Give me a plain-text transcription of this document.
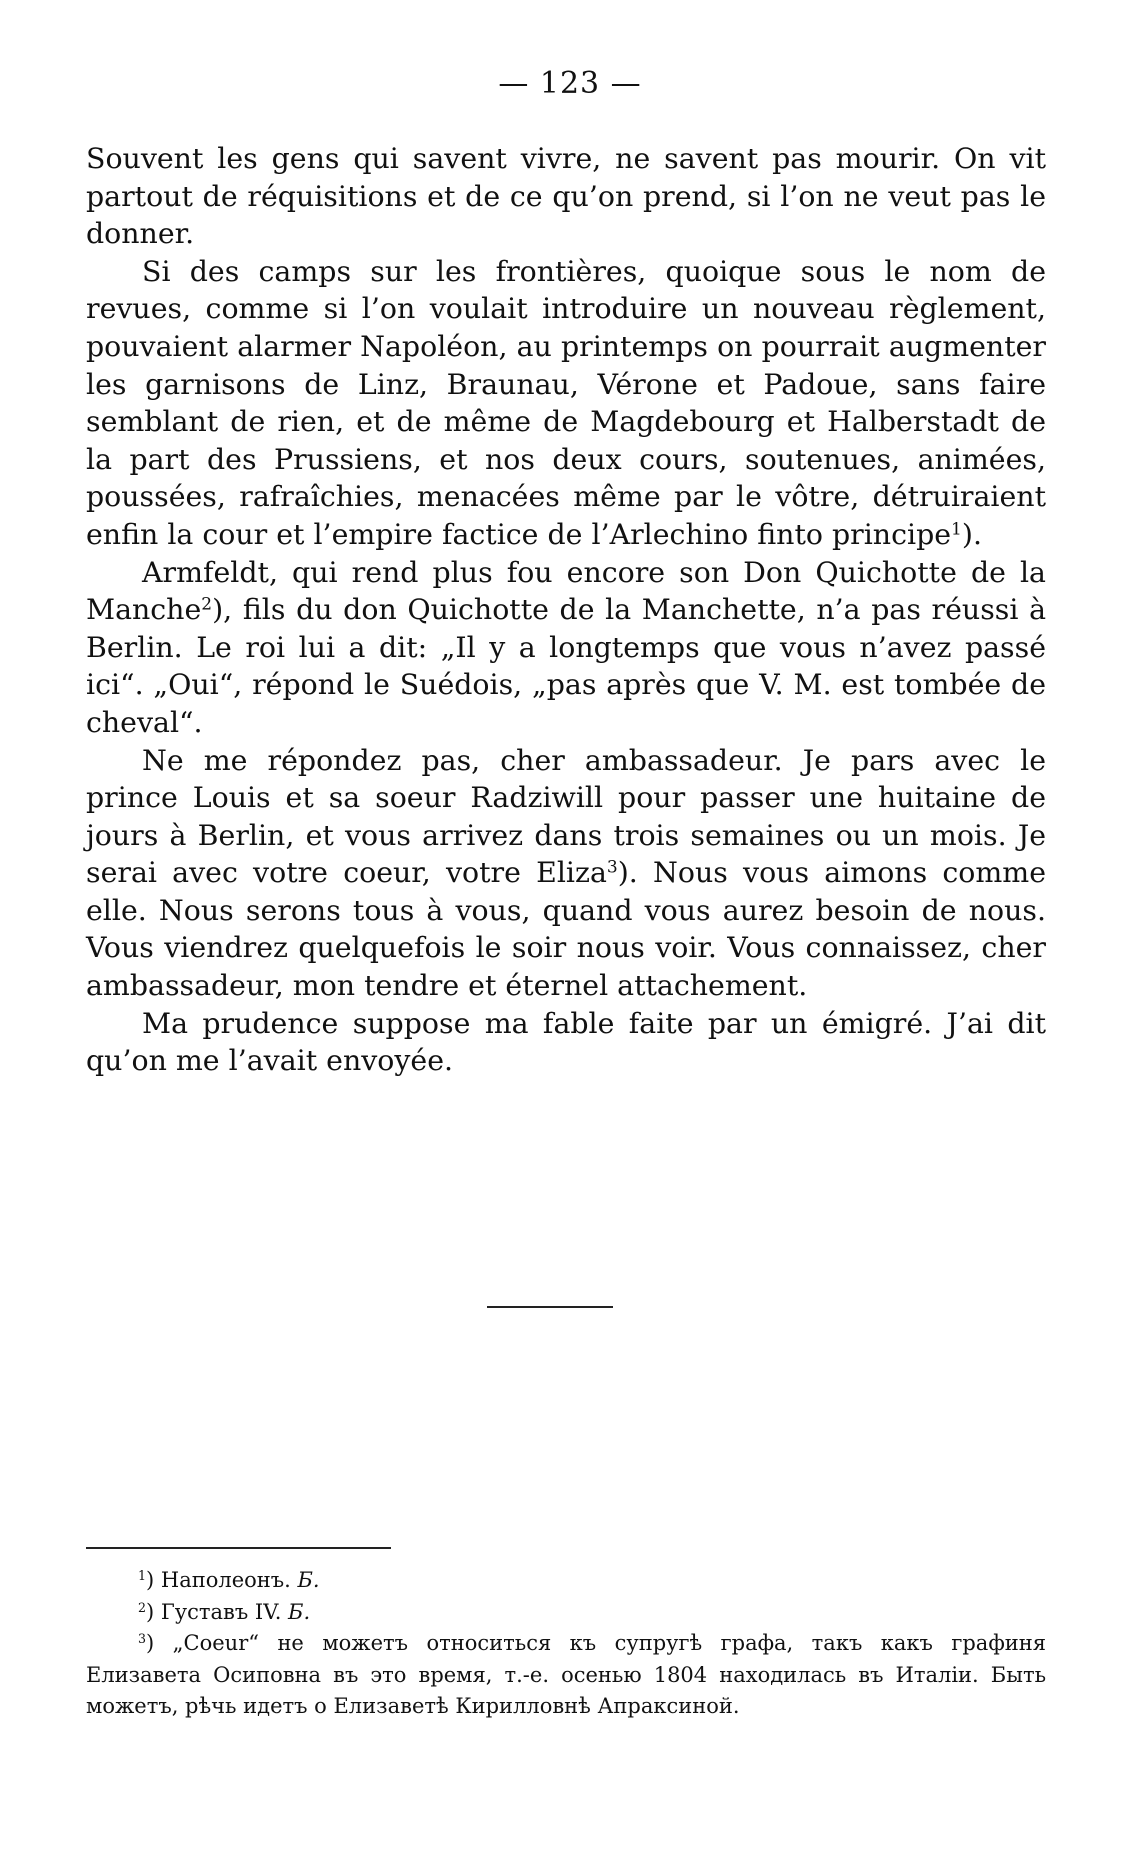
— 123 —

Souvent les gens qui savent vivre, ne savent pas mourir. On vit partout de réquisitions et de ce qu’on prend, si l’on ne veut pas le donner.

Si des camps sur les frontières, quoique sous le nom de revues, comme si l’on voulait introduire un nouveau règlement, pouvaient alarmer Napoléon, au printemps on pourrait augmenter les garnisons de Linz, Braunau, Vérone et Padoue, sans faire semblant de rien, et de même de Magdebourg et Halberstadt de la part des Prussiens, et nos deux cours, soutenues, animées, poussées, rafraîchies, menacées même par le vôtre, détruiraient enfin la cour et l’empire factice de l’Arlechino finto principe$^1$).

Armfeldt, qui rend plus fou encore son Don Quichotte de la Manche$^2$), fils du don Quichotte de la Manchette, n’a pas réussi à Berlin. Le roi lui a dit: „Il y a longtemps que vous n’avez passé ici“. „Oui“, répond le Suédois, „pas après que V. M. est tombée de cheval“.

Ne me répondez pas, cher ambassadeur. Je pars avec le prince Louis et sa soeur Radziwill pour passer une huitaine de jours à Berlin, et vous arrivez dans trois semaines ou un mois. Je serai avec votre coeur, votre Eliza$^3$). Nous vous aimons comme elle. Nous serons tous à vous, quand vous aurez besoin de nous. Vous viendrez quelquefois le soir nous voir. Vous connaissez, cher ambassadeur, mon tendre et éternel attachement.

Ma prudence suppose ma fable faite par un émigré. J’ai dit qu’on me l’avait envoyée.

$^1$) Наполеонъ. Б.

$^2$) Густавъ IV. Б.

$^3$) „Coeur“ не можетъ относиться къ супругѣ графа, такъ какъ графиня Елизавета Осиповна въ это время, т.-е. осенью 1804 находилась въ Италіи. Быть можетъ, рѣчь идетъ о Елизаветѣ Кирилловнѣ Апраксиной.
